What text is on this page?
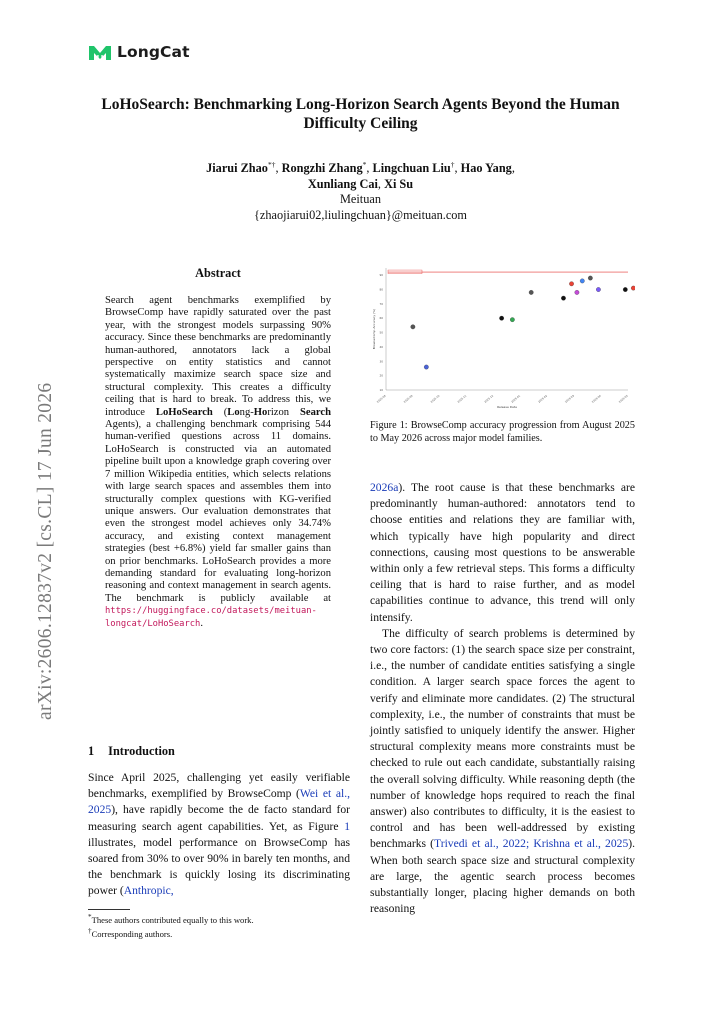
LongCat
LoHoSearch: Benchmarking Long-Horizon Search Agents Beyond the Human Difficulty Ceiling
Jiarui Zhao*†, Rongzhi Zhang*, Lingchuan Liu†, Hao Yang,
Xunliang Cai, Xi Su
Meituan
{zhaojiarui02,liulingchuan}@meituan.com
arXiv:2606.12837v2 [cs.CL] 17 Jun 2026
Abstract
Search agent benchmarks exemplified by BrowseComp have rapidly saturated over the past year, with the strongest models surpassing 90% accuracy. Since these benchmarks are predominantly human-authored, annotators lack a global perspective on entity statistics and cannot systematically maximize search space size and structural complexity. This creates a difficulty ceiling that is hard to break. To address this, we introduce LoHoSearch (Long-Horizon Search Agents), a challenging benchmark comprising 544 human-verified questions across 11 domains. LoHoSearch is constructed via an automated pipeline built upon a knowledge graph covering over 7 million Wikipedia entities, which selects relations with large search spaces and assembles them into structurally complex questions with KG-verified unique answers. Our evaluation demonstrates that even the strongest model achieves only 34.74% accuracy, and existing context management strategies (best +6.8%) yield far smaller gains than on prior benchmarks. LoHoSearch provides a more demanding standard for evaluating long-horizon reasoning and context management in search agents. The benchmark is publicly available at https://huggingface.co/datasets/meituan-longcat/LoHoSearch.
1 Introduction
Since April 2025, challenging yet easily verifiable benchmarks, exemplified by BrowseComp (Wei et al., 2025), have rapidly become the de facto standard for measuring search agent capabilities. Yet, as Figure 1 illustrates, model performance on BrowseComp has soared from 30% to over 90% in barely ten months, and the benchmark is quickly losing its discriminating power (Anthropic,
*These authors contributed equally to this work.
†Corresponding authors.
10
20
30
40
50
60
70
80
90
2025-08	2025-09	2025-10	2025-11	2025-12	2026-01	2026-02	2026-03	2026-04	2026-05
Release Date
BrowseComp Accuracy (%)
Figure 1: BrowseComp accuracy progression from August 2025 to May 2026 across major model families.

2026a). The root cause is that these benchmarks are predominantly human-authored: annotators tend to choose entities and relations they are familiar with, which typically have high popularity and direct connections, causing most questions to be answerable within only a few retrieval steps. This forms a difficulty ceiling that is hard to raise further, and as model capabilities continue to advance, this trend will only intensify.

The difficulty of search problems is determined by two core factors: (1) the search space size per constraint, i.e., the number of candidate entities satisfying a single condition. A larger search space forces the agent to verify and eliminate more candidates. (2) The structural complexity, i.e., the number of constraints that must be jointly satisfied to uniquely identify the answer. Higher structural complexity means more constraints must be checked to rule out each candidate, substantially raising the overall solving difficulty. While reasoning depth (the number of knowledge hops required to reach the final answer) also contributes to difficulty, it is the easiest to control and has been well-addressed by existing benchmarks (Trivedi et al., 2022; Krishna et al., 2025). When both search space size and structural complexity are large, the agentic search process becomes substantially longer, placing higher demands on both reasoning
